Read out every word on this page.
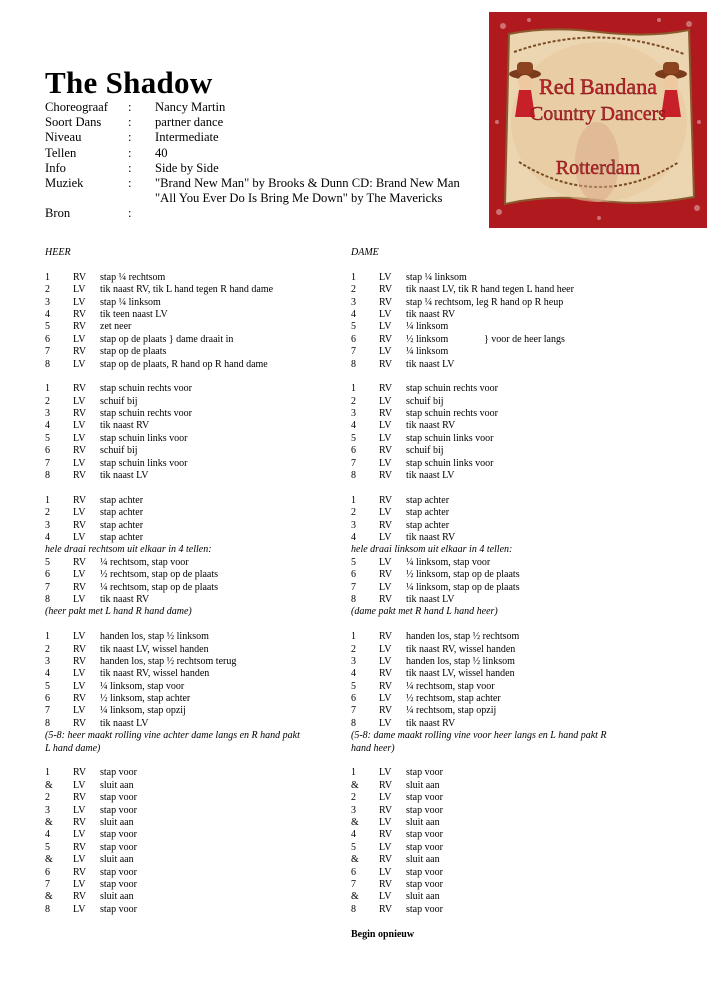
The Shadow
Choreograaf : Nancy Martin
Soort Dans : partner dance
Niveau	: Intermediate
Tellen	: 40
Info	: Side by Side
Muziek	: "Brand New Man" by Brooks & Dunn CD: Brand New Man
"All You Ever Do Is Bring Me Down" by The Mavericks
Bron	:
Red Bandana
Country Dancers
Rotterdam
HEER
1 RV stap ¼ rechtsom
2 LV tik naast RV, tik L hand tegen R hand dame
3 LV stap ¼ linksom
4 RV tik teen naast LV
5 RV zet neer
6 LV stap op de plaats } dame draait in
7 RV stap op de plaats
8 LV stap op de plaats, R hand op R hand dame
1 RV stap schuin rechts voor
2 LV schuif bij
3 RV stap schuin rechts voor
4 LV tik naast RV
5 LV stap schuin links voor
6 RV schuif bij
7 LV stap schuin links voor
8 RV tik naast LV
1 RV stap achter
2 LV stap achter
3 RV stap achter
4 LV stap achter
hele draai rechtsom uit elkaar in 4 tellen:
5 RV ¼ rechtsom, stap voor
6 LV ½ rechtsom, stap op de plaats
7 RV ¼ rechtsom, stap op de plaats
8 LV tik naast RV
(heer pakt met L hand R hand dame)
1 LV handen los, stap ½ linksom
2 RV tik naast LV, wissel handen
3 RV handen los, stap ½ rechtsom terug
4 LV tik naast RV, wissel handen
5 LV ¼ linksom, stap voor
6 RV ½ linksom, stap achter
7 LV ¼ linksom, stap opzij
8 RV tik naast LV
(5-8: heer maakt rolling vine achter dame langs en R hand pakt L hand dame)
1 RV stap voor
& LV sluit aan
2 RV stap voor
3 LV stap voor
& RV sluit aan
4 LV stap voor
5 RV stap voor
& LV sluit aan
6 RV stap voor
7 LV stap voor
& RV sluit aan
8 LV stap voor
DAME
1 LV stap ¼ linksom
2 RV tik naast LV, tik R hand tegen L hand heer
3 RV stap ¼ rechtsom, leg R hand op R heup
4 LV tik naast RV
5 LV ¼ linksom
6 RV ½ linksom	} voor de heer langs
7 LV ¼ linksom
8 RV tik naast LV
1 RV stap schuin rechts voor
2 LV schuif bij
3 RV stap schuin rechts voor
4 LV tik naast RV
5 LV stap schuin links voor
6 RV schuif bij
7 LV stap schuin links voor
8 RV tik naast LV
1 RV stap achter
2 LV stap achter
3 RV stap achter
4 LV tik naast RV
hele draai linksom uit elkaar in 4 tellen:
5 LV ¼ linksom, stap voor
6 RV ½ linksom, stap op de plaats
7 LV ¼ linksom, stap op de plaats
8 RV tik naast LV
(dame pakt met R hand L hand heer)
1 RV handen los, stap ½ rechtsom
2 LV tik naast RV, wissel handen
3 LV handen los, stap ½ linksom
4 RV tik naast LV, wissel handen
5 RV ¼ rechtsom, stap voor
6 LV ½ rechtsom, stap achter
7 RV ¼ rechtsom, stap opzij
8 LV tik naast RV
(5-8: dame maakt rolling vine voor heer langs en L hand pakt R hand heer)
1 LV stap voor
& RV sluit aan
2 LV stap voor
3 RV stap voor
& LV sluit aan
4 RV stap voor
5 LV stap voor
& RV sluit aan
6 LV stap voor
7 RV stap voor
& LV sluit aan
8 RV stap voor
Begin opnieuw
